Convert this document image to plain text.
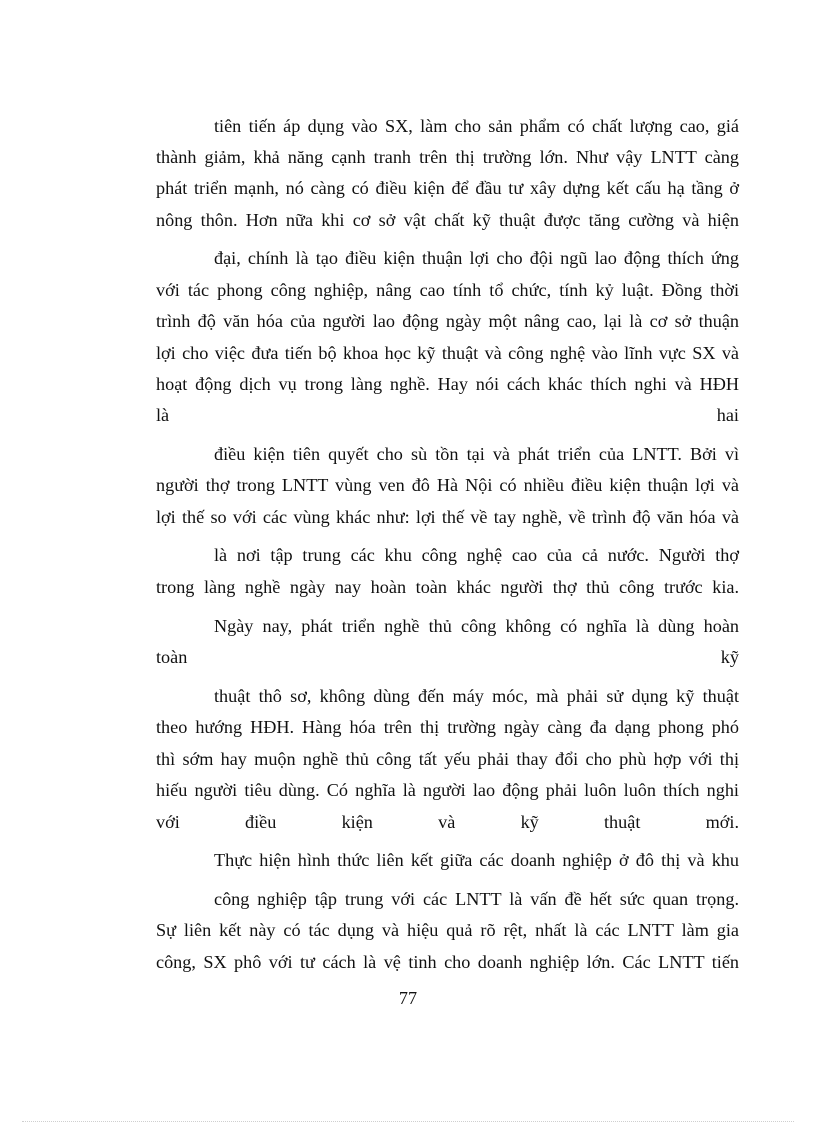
tiên tiến áp dụng vào SX, làm cho sản phẩm có chất lượng cao, giá
thành giảm, khả năng cạnh tranh trên thị trường lớn. Như vậy LNTT càng
phát triển mạnh, nó càng có điều kiện để đầu tư xây dựng kết cấu hạ tầng ở
nông thôn. Hơn nữa khi cơ sở vật chất kỹ thuật được tăng cường và hiện
đại, chính là tạo điều kiện thuận lợi cho đội ngũ lao động thích ứng
với tác phong công nghiệp, nâng cao tính tổ chức, tính kỷ luật. Đồng thời
trình độ văn hóa của người lao động ngày một nâng cao, lại là cơ sở thuận
lợi cho việc đưa tiến bộ khoa học kỹ thuật và công nghệ vào lĩnh vực SX và
hoạt động dịch vụ trong làng nghề. Hay nói cách khác thích nghi và HĐH
là hai
điều kiện tiên quyết cho sù tồn tại và phát triển của LNTT. Bởi vì
người thợ trong LNTT vùng ven đô Hà Nội có nhiều điều kiện thuận lợi và
lợi thế so với các vùng khác như: lợi thế về tay nghề, về trình độ văn hóa và
là nơi tập trung các khu công nghệ cao của cả nước. Người thợ
trong làng nghề ngày nay hoàn toàn khác người thợ thủ công trước kia.
Ngày nay, phát triển nghề thủ công không có nghĩa là dùng hoàn
toàn kỹ
thuật thô sơ, không dùng đến máy móc, mà phải sử dụng kỹ thuật
theo hướng HĐH. Hàng hóa trên thị trường ngày càng đa dạng phong phó
thì sớm hay muộn nghề thủ công tất yếu phải thay đổi cho phù hợp với thị
hiếu người tiêu dùng. Có nghĩa là người lao động phải luôn luôn thích nghi
với điều kiện và kỹ thuật mới.
Thực hiện hình thức liên kết giữa các doanh nghiệp ở đô thị và khu
công nghiệp tập trung với các LNTT là vấn đề hết sức quan trọng.
Sự liên kết này có tác dụng và hiệu quả rõ rệt, nhất là các LNTT làm gia
công, SX phô với tư cách là vệ tinh cho doanh nghiệp lớn. Các LNTT tiến
77
